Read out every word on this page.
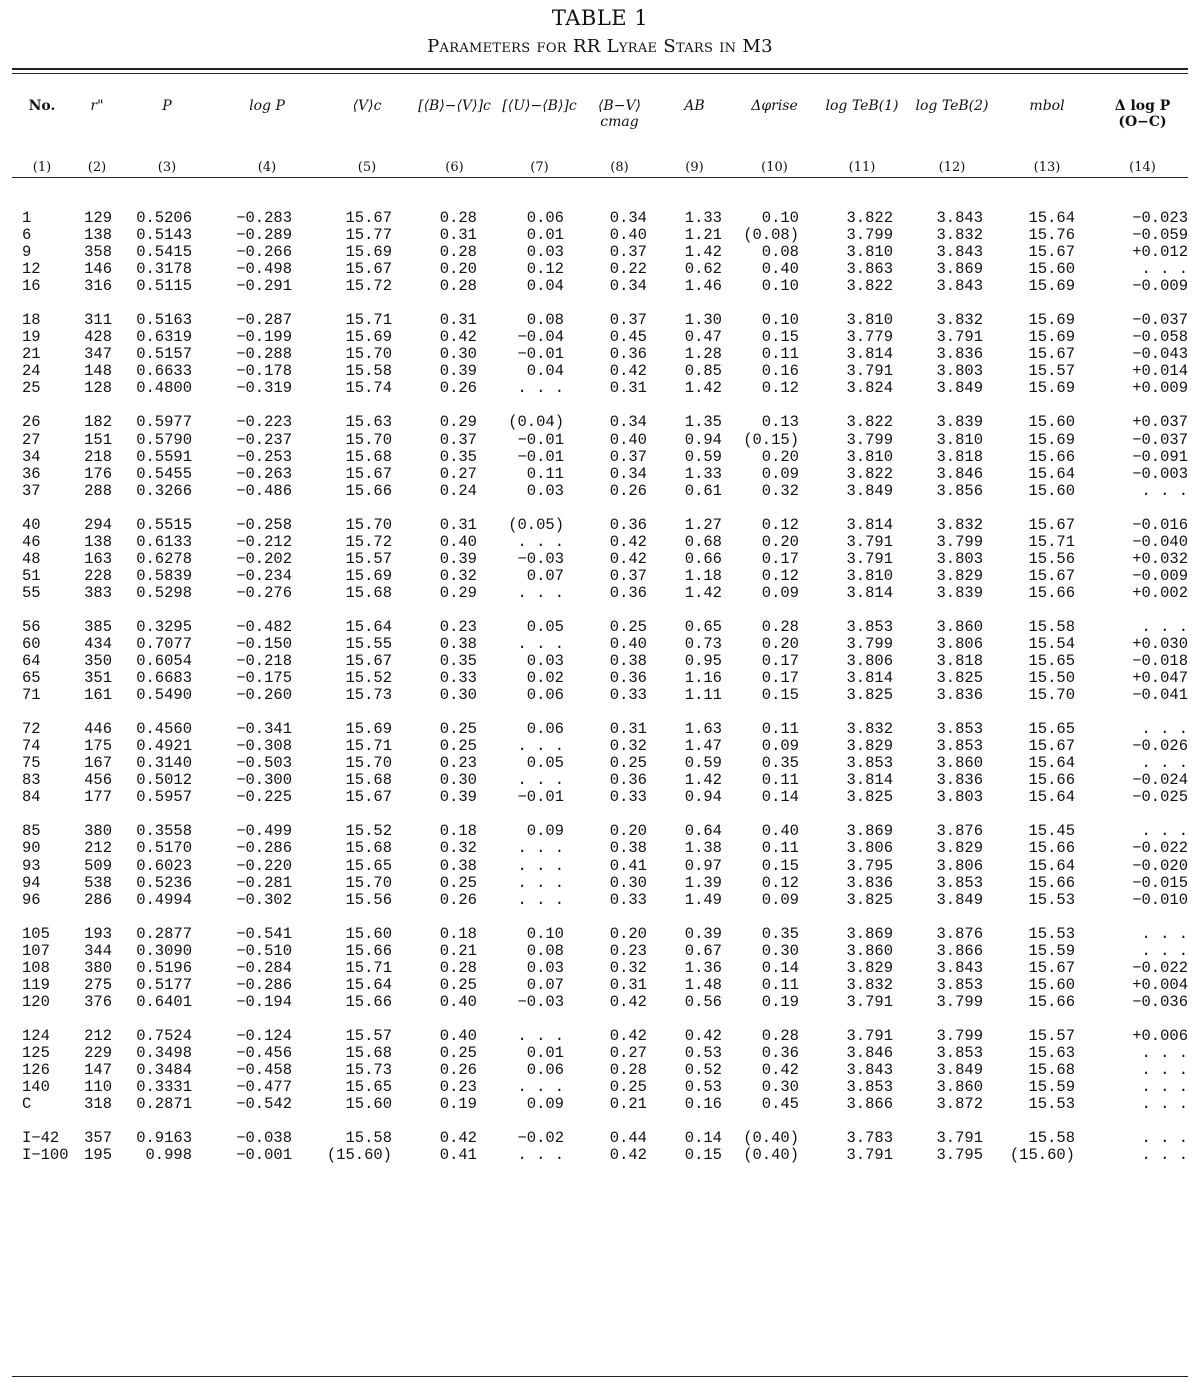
TABLE 1
Parameters for RR Lyrae Stars in M3
No.	r"	P	log P	⟨V⟩c	[⟨B⟩−⟨V⟩]c	[⟨U⟩−⟨B⟩]c	⟨B−V⟩cmag	AB	Δφrise	log TeB(1)	log TeB(2)	mbol	Δ log P (O−C)
(1)	(2)	(3)	(4)	(5)	(6)	(7)	(8)	(9)	(10)	(11)	(12)	(13)	(14)
1	129	0.5206	−0.283	15.67	0.28	0.06	0.34	1.33	0.10	3.822	3.843	15.64	−0.023
6	138	0.5143	−0.289	15.77	0.31	0.01	0.40	1.21	(0.08)	3.799	3.832	15.76	−0.059
9	358	0.5415	−0.266	15.69	0.28	0.03	0.37	1.42	0.08	3.810	3.843	15.67	+0.012
12	146	0.3178	−0.498	15.67	0.20	0.12	0.22	0.62	0.40	3.863	3.869	15.60	. . .
16	316	0.5115	−0.291	15.72	0.28	0.04	0.34	1.46	0.10	3.822	3.843	15.69	−0.009
18	311	0.5163	−0.287	15.71	0.31	0.08	0.37	1.30	0.10	3.810	3.832	15.69	−0.037
19	428	0.6319	−0.199	15.69	0.42	−0.04	0.45	0.47	0.15	3.779	3.791	15.69	−0.058
21	347	0.5157	−0.288	15.70	0.30	−0.01	0.36	1.28	0.11	3.814	3.836	15.67	−0.043
24	148	0.6633	−0.178	15.58	0.39	0.04	0.42	0.85	0.16	3.791	3.803	15.57	+0.014
25	128	0.4800	−0.319	15.74	0.26	. . .	0.31	1.42	0.12	3.824	3.849	15.69	+0.009
26	182	0.5977	−0.223	15.63	0.29	(0.04)	0.34	1.35	0.13	3.822	3.839	15.60	+0.037
27	151	0.5790	−0.237	15.70	0.37	−0.01	0.40	0.94	(0.15)	3.799	3.810	15.69	−0.037
34	218	0.5591	−0.253	15.68	0.35	−0.01	0.37	0.59	0.20	3.810	3.818	15.66	−0.091
36	176	0.5455	−0.263	15.67	0.27	0.11	0.34	1.33	0.09	3.822	3.846	15.64	−0.003
37	288	0.3266	−0.486	15.66	0.24	0.03	0.26	0.61	0.32	3.849	3.856	15.60	. . .
40	294	0.5515	−0.258	15.70	0.31	(0.05)	0.36	1.27	0.12	3.814	3.832	15.67	−0.016
46	138	0.6133	−0.212	15.72	0.40	. . .	0.42	0.68	0.20	3.791	3.799	15.71	−0.040
48	163	0.6278	−0.202	15.57	0.39	−0.03	0.42	0.66	0.17	3.791	3.803	15.56	+0.032
51	228	0.5839	−0.234	15.69	0.32	0.07	0.37	1.18	0.12	3.810	3.829	15.67	−0.009
55	383	0.5298	−0.276	15.68	0.29	. . .	0.36	1.42	0.09	3.814	3.839	15.66	+0.002
56	385	0.3295	−0.482	15.64	0.23	0.05	0.25	0.65	0.28	3.853	3.860	15.58	. . .
60	434	0.7077	−0.150	15.55	0.38	. . .	0.40	0.73	0.20	3.799	3.806	15.54	+0.030
64	350	0.6054	−0.218	15.67	0.35	0.03	0.38	0.95	0.17	3.806	3.818	15.65	−0.018
65	351	0.6683	−0.175	15.52	0.33	0.02	0.36	1.16	0.17	3.814	3.825	15.50	+0.047
71	161	0.5490	−0.260	15.73	0.30	0.06	0.33	1.11	0.15	3.825	3.836	15.70	−0.041
72	446	0.4560	−0.341	15.69	0.25	0.06	0.31	1.63	0.11	3.832	3.853	15.65	. . .
74	175	0.4921	−0.308	15.71	0.25	. . .	0.32	1.47	0.09	3.829	3.853	15.67	−0.026
75	167	0.3140	−0.503	15.70	0.23	0.05	0.25	0.59	0.35	3.853	3.860	15.64	. . .
83	456	0.5012	−0.300	15.68	0.30	. . .	0.36	1.42	0.11	3.814	3.836	15.66	−0.024
84	177	0.5957	−0.225	15.67	0.39	−0.01	0.33	0.94	0.14	3.825	3.803	15.64	−0.025
85	380	0.3558	−0.499	15.52	0.18	0.09	0.20	0.64	0.40	3.869	3.876	15.45	. . .
90	212	0.5170	−0.286	15.68	0.32	. . .	0.38	1.38	0.11	3.806	3.829	15.66	−0.022
93	509	0.6023	−0.220	15.65	0.38	. . .	0.41	0.97	0.15	3.795	3.806	15.64	−0.020
94	538	0.5236	−0.281	15.70	0.25	. . .	0.30	1.39	0.12	3.836	3.853	15.66	−0.015
96	286	0.4994	−0.302	15.56	0.26	. . .	0.33	1.49	0.09	3.825	3.849	15.53	−0.010
105	193	0.2877	−0.541	15.60	0.18	0.10	0.20	0.39	0.35	3.869	3.876	15.53	. . .
107	344	0.3090	−0.510	15.66	0.21	0.08	0.23	0.67	0.30	3.860	3.866	15.59	. . .
108	380	0.5196	−0.284	15.71	0.28	0.03	0.32	1.36	0.14	3.829	3.843	15.67	−0.022
119	275	0.5177	−0.286	15.64	0.25	0.07	0.31	1.48	0.11	3.832	3.853	15.60	+0.004
120	376	0.6401	−0.194	15.66	0.40	−0.03	0.42	0.56	0.19	3.791	3.799	15.66	−0.036
124	212	0.7524	−0.124	15.57	0.40	. . .	0.42	0.42	0.28	3.791	3.799	15.57	+0.006
125	229	0.3498	−0.456	15.68	0.25	0.01	0.27	0.53	0.36	3.846	3.853	15.63	. . .
126	147	0.3484	−0.458	15.73	0.26	0.06	0.28	0.52	0.42	3.843	3.849	15.68	. . .
140	110	0.3331	−0.477	15.65	0.23	. . .	0.25	0.53	0.30	3.853	3.860	15.59	. . .
C	318	0.2871	−0.542	15.60	0.19	0.09	0.21	0.16	0.45	3.866	3.872	15.53	. . .
I−42	357	0.9163	−0.038	15.58	0.42	−0.02	0.44	0.14	(0.40)	3.783	3.791	15.58	. . .
I−100	195	0.998	−0.001	(15.60)	0.41	. . .	0.42	0.15	(0.40)	3.791	3.795	(15.60)	. . .
